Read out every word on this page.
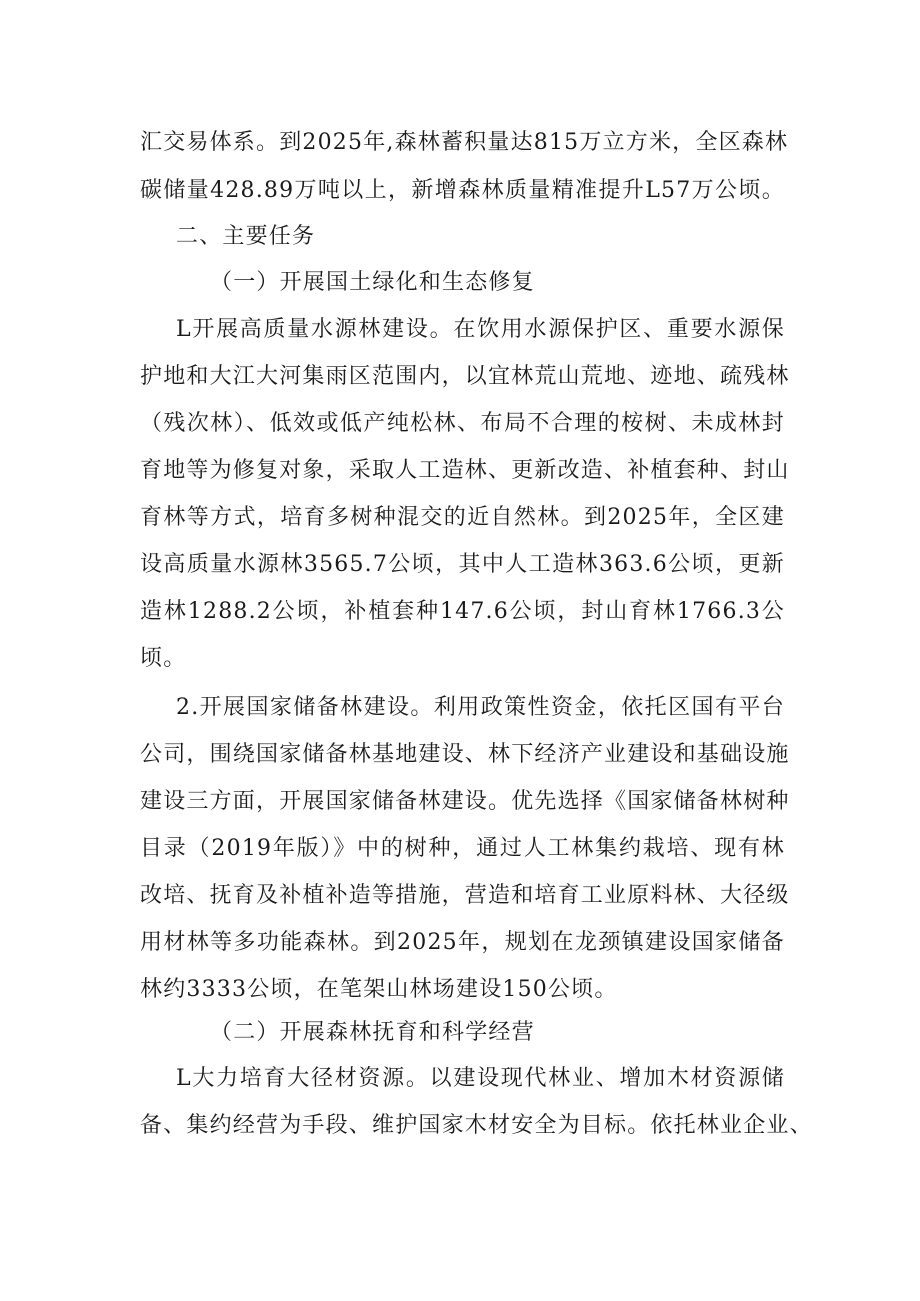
汇交易体系。到2025年,森林蓄积量达815万立方米，全区森林
碳储量428.89万吨以上，新增森林质量精准提升L57万公顷。
二、主要任务
（一）开展国土绿化和生态修复
L开展高质量水源林建设。在饮用水源保护区、重要水源保
护地和大江大河集雨区范围内，以宜林荒山荒地、迹地、疏残林
（残次林）、低效或低产纯松林、布局不合理的桉树、未成林封
育地等为修复对象，采取人工造林、更新改造、补植套种、封山
育林等方式，培育多树种混交的近自然林。到2025年，全区建
设高质量水源林3565.7公顷，其中人工造林363.6公顷，更新
造林1288.2公顷，补植套种147.6公顷，封山育林1766.3公
顷。
2.开展国家储备林建设。利用政策性资金，依托区国有平台
公司，围绕国家储备林基地建设、林下经济产业建设和基础设施
建设三方面，开展国家储备林建设。优先选择《国家储备林树种
目录（2019年版）》中的树种，通过人工林集约栽培、现有林
改培、抚育及补植补造等措施，营造和培育工业原料林、大径级
用材林等多功能森林。到2025年，规划在龙颈镇建设国家储备
林约3333公顷，在笔架山林场建设150公顷。
（二）开展森林抚育和科学经营
L大力培育大径材资源。以建设现代林业、增加木材资源储
备、集约经营为手段、维护国家木材安全为目标。依托林业企业、
